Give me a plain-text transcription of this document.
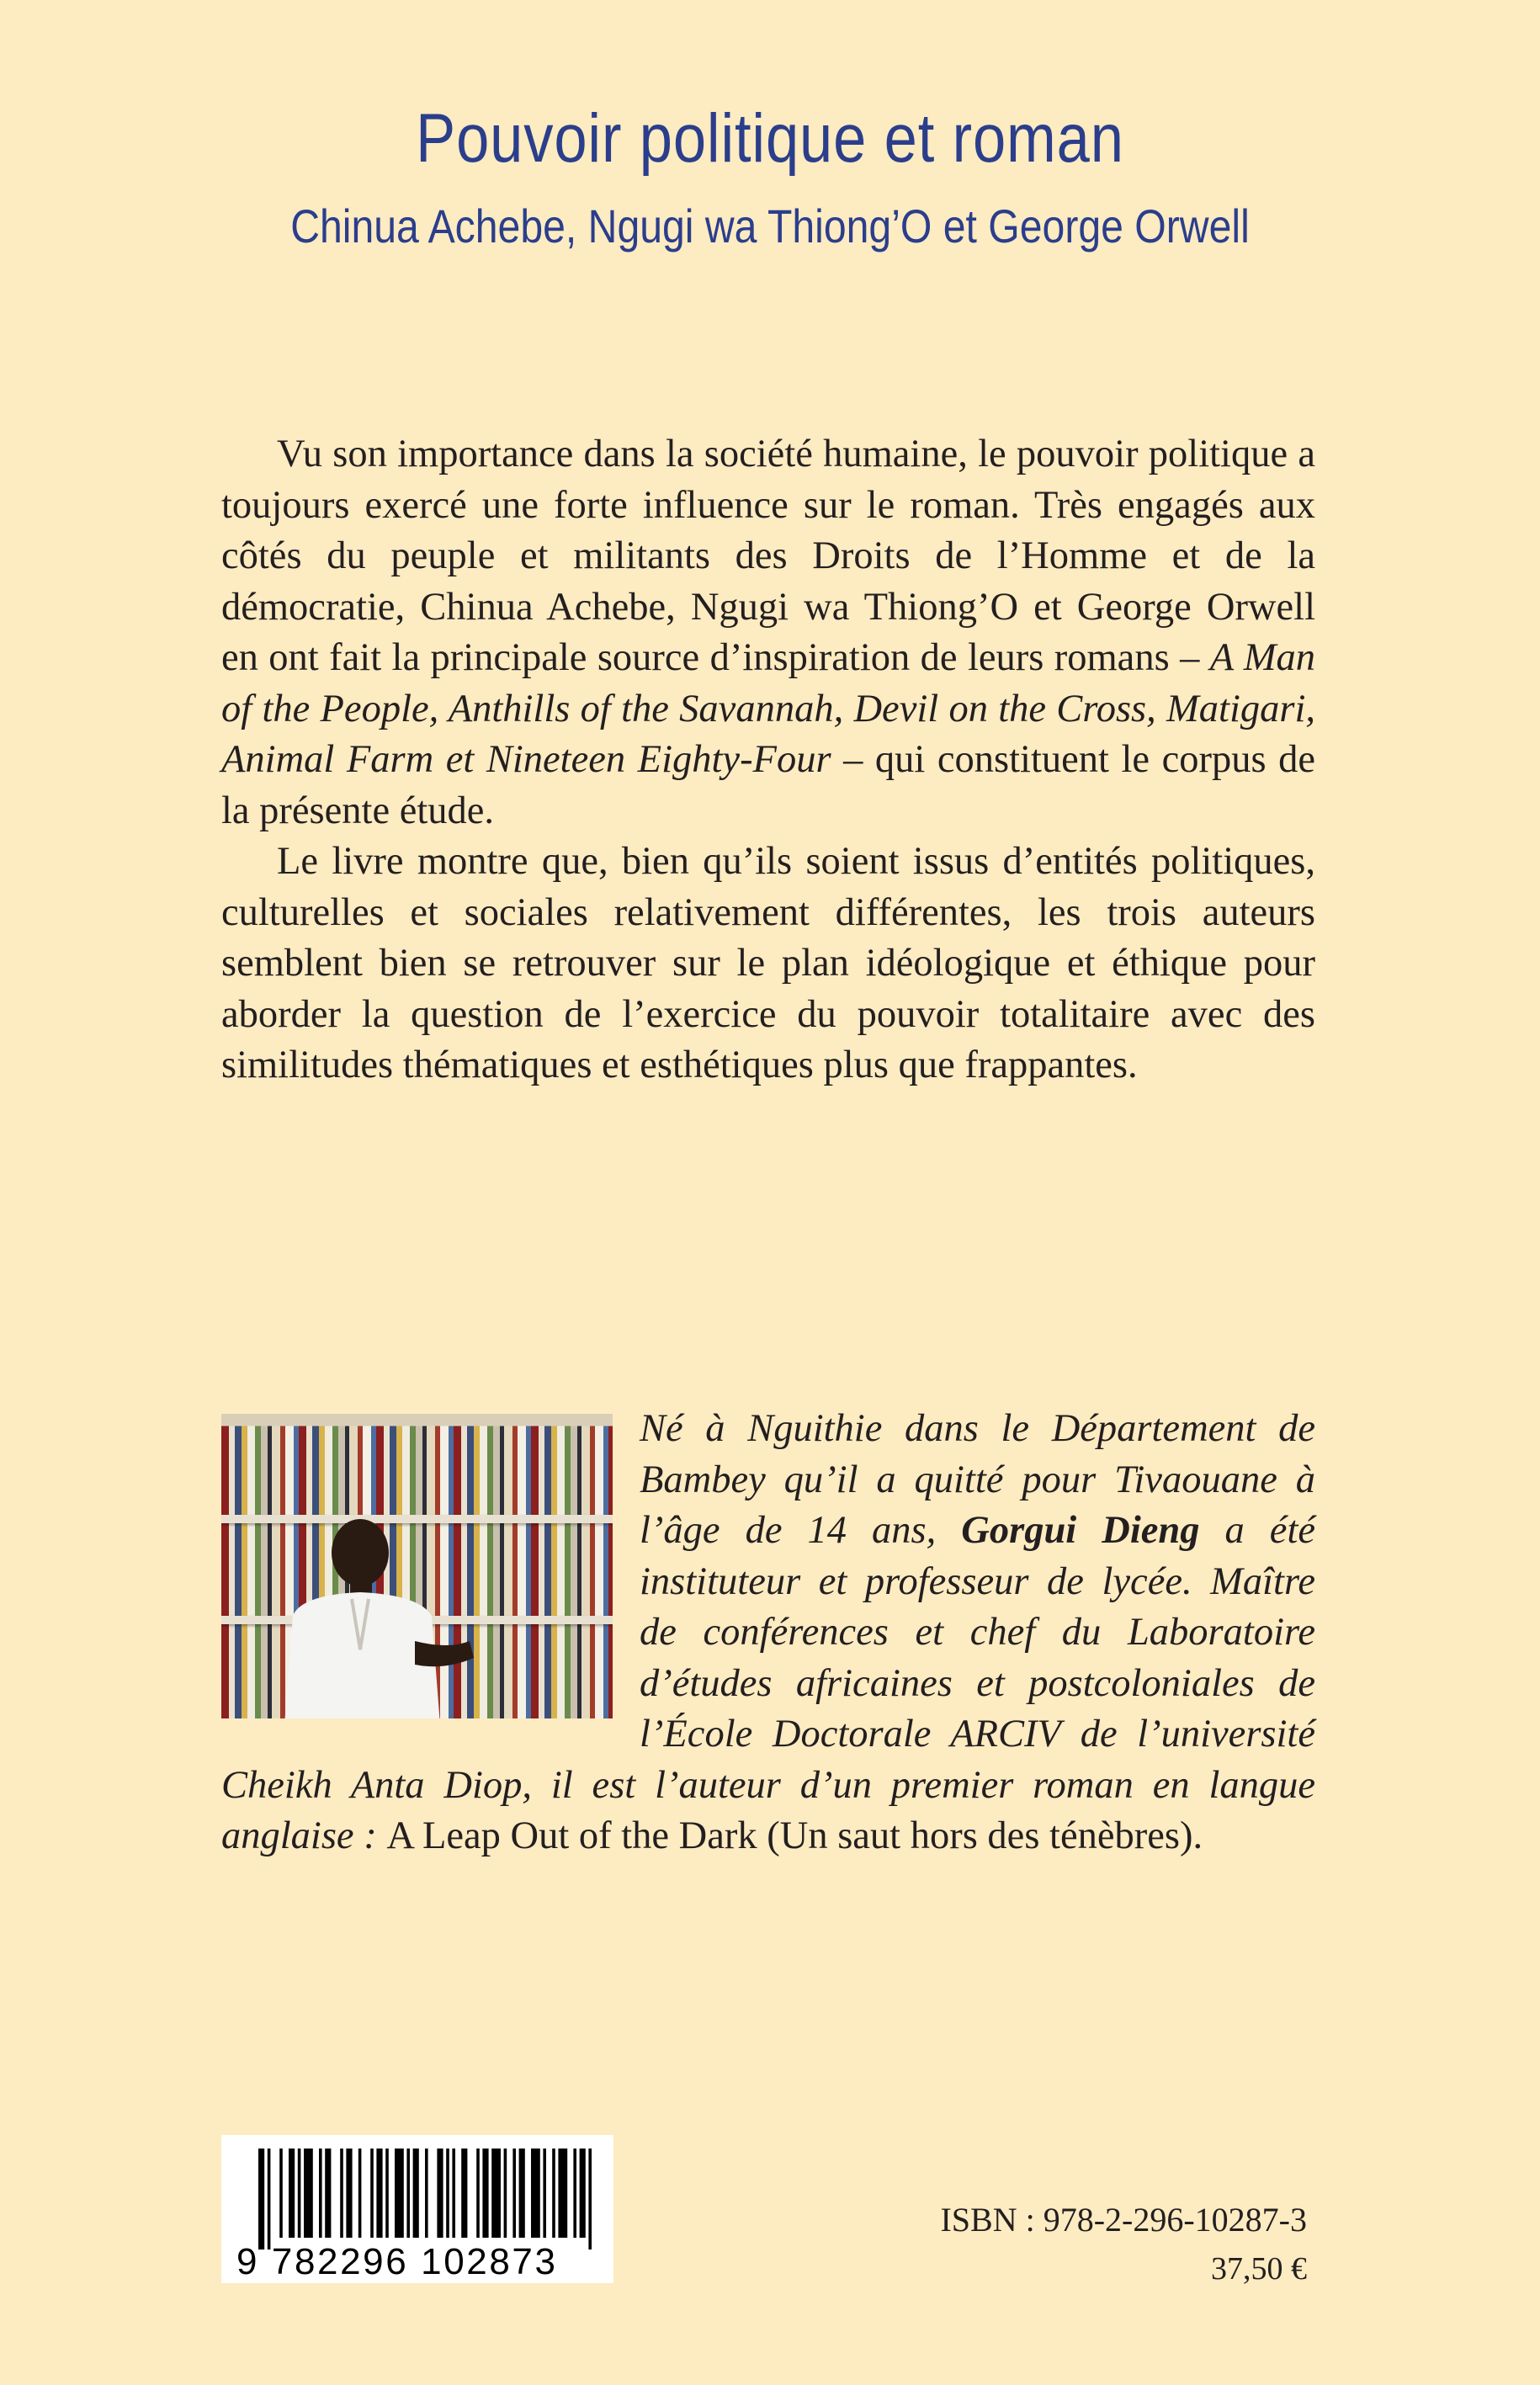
Pouvoir politique et roman
Chinua Achebe, Ngugi wa Thiong’O et George Orwell

Vu son importance dans la société humaine, le pouvoir politique a toujours exercé une forte influence sur le roman. Très engagés aux côtés du peuple et militants des Droits de l’Homme et de la démocratie, Chinua Achebe, Ngugi wa Thiong’O et George Orwell en ont fait la principale source d’inspiration de leurs romans – A Man of the People, Anthills of the Savannah, Devil on the Cross, Matigari, Animal Farm et Nineteen Eighty-Four – qui constituent le corpus de la présente étude.

Le livre montre que, bien qu’ils soient issus d’entités politiques, culturelles et sociales relativement différentes, les trois auteurs semblent bien se retrouver sur le plan idéologique et éthique pour aborder la question de l’exercice du pouvoir totalitaire avec des similitudes thématiques et esthétiques plus que frappantes.

Né à Nguithie dans le Département de Bambey qu’il a quitté pour Tivaouane à l’âge de 14 ans, Gorgui Dieng a été instituteur et professeur de lycée. Maître de conférences et chef du Laboratoire d’études africaines et postcoloniales de l’École Doctorale ARCIV de l’université Cheikh Anta Diop, il est l’auteur d’un premier roman en langue anglaise : A Leap Out of the Dark (Un saut hors des ténèbres).
9 782296 102873

ISBN : 978-2-296-10287-3

37,50 €
